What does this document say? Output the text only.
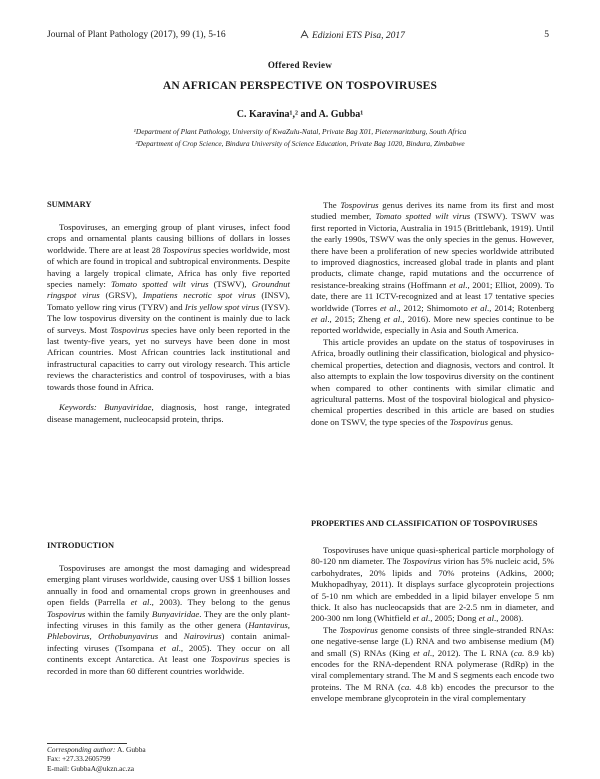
Journal of Plant Pathology (2017), 99 (1), 5-16	Edizioni ETS Pisa, 2017	5
Offered Review
AN AFRICAN PERSPECTIVE ON TOSPOVIRUSES
C. Karavina¹,² and A. Gubba¹
¹Department of Plant Pathology, University of KwaZulu-Natal, Private Bag X01, Pietermaritzburg, South Africa
²Department of Crop Science, Bindura University of Science Education, Private Bag 1020, Bindura, Zimbabwe
SUMMARY

Tospoviruses, an emerging group of plant viruses, infect food crops and ornamental plants causing billions of dollars in losses worldwide. There are at least 28 Tospovirus species worldwide, most of which are found in tropical and subtropical environments. Despite having a largely tropical climate, Africa has only five reported species namely: Tomato spotted wilt virus (TSWV), Groundnut ringspot virus (GRSV), Impatiens necrotic spot virus (INSV), Tomato yellow ring virus (TYRV) and Iris yellow spot virus (IYSV). The low tospovirus diversity on the continent is mainly due to lack of surveys. Most Tospovirus species have only been reported in the last twenty-five years, yet no surveys have been done in most African countries. Most African countries lack institutional and infrastructural capacities to carry out virology research. This article reviews the characteristics and control of tospoviruses, with a bias towards those found in Africa.

Keywords: Bunyaviridae, diagnosis, host range, integrated disease management, nucleocapsid protein, thrips.

INTRODUCTION

Tospoviruses are amongst the most damaging and widespread emerging plant viruses worldwide, causing over US$ 1 billion losses annually in food and ornamental crops grown in greenhouses and open fields (Parrella et al., 2003). They belong to the genus Tospovirus within the family Bunyaviridae. They are the only plant-infecting viruses in this family as the other genera (Hantavirus, Phlebovirus, Orthobunyavirus and Nairovirus) contain animal-infecting viruses (Tsompana et al., 2005). They occur on all continents except Antarctica. At least one Tospovirus species is recorded in more than 60 different countries worldwide.

The Tospovirus genus derives its name from its first and most studied member, Tomato spotted wilt virus (TSWV). TSWV was first reported in Victoria, Australia in 1915 (Brittlebank, 1919). Until the early 1990s, TSWV was the only species in the genus. However, there have been a proliferation of new species worldwide attributed to improved diagnostics, increased global trade in plants and plant products, climate change, rapid mutations and the occurrence of resistance-breaking strains (Hoffmann et al., 2001; Elliot, 2009). To date, there are 11 ICTV-recognized and at least 17 tentative species worldwide (Torres et al., 2012; Shimomoto et al., 2014; Rotenberg et al., 2015; Zheng et al., 2016). More new species continue to be reported worldwide, especially in Asia and South America.

This article provides an update on the status of tospoviruses in Africa, broadly outlining their classification, biological and physico-chemical properties, detection and diagnosis, vectors and control. It also attempts to explain the low tospovirus diversity on the continent when compared to other continents with similar climatic and agricultural patterns. Most of the tospoviral biological and physico-chemical properties described in this article are based on studies done on TSWV, the type species of the Tospovirus genus.

PROPERTIES AND CLASSIFICATION OF TOSPOVIRUSES

Tospoviruses have unique quasi-spherical particle morphology of 80-120 nm diameter. The Tospovirus virion has 5% nucleic acid, 5% carbohydrates, 20% lipids and 70% proteins (Adkins, 2000; Mukhopadhyay, 2011). It displays surface glycoprotein projections of 5-10 nm which are embedded in a lipid bilayer envelope 5 nm thick. It also has nucleocapsids that are 2-2.5 nm in diameter, and 200-300 nm long (Whitfield et al., 2005; Dong et al., 2008).

The Tospovirus genome consists of three single-stranded RNAs: one negative-sense large (L) RNA and two ambisense medium (M) and small (S) RNAs (King et al., 2012). The L RNA (ca. 8.9 kb) encodes for the RNA-dependent RNA polymerase (RdRp) in the viral complementary strand. The M and S segments each encode two proteins. The M RNA (ca. 4.8 kb) encodes the precursor to the envelope membrane glycoprotein in the viral complementary

Corresponding author: A. Gubba
Fax: +27.33.2605799
E-mail: GubbaA@ukzn.ac.za
